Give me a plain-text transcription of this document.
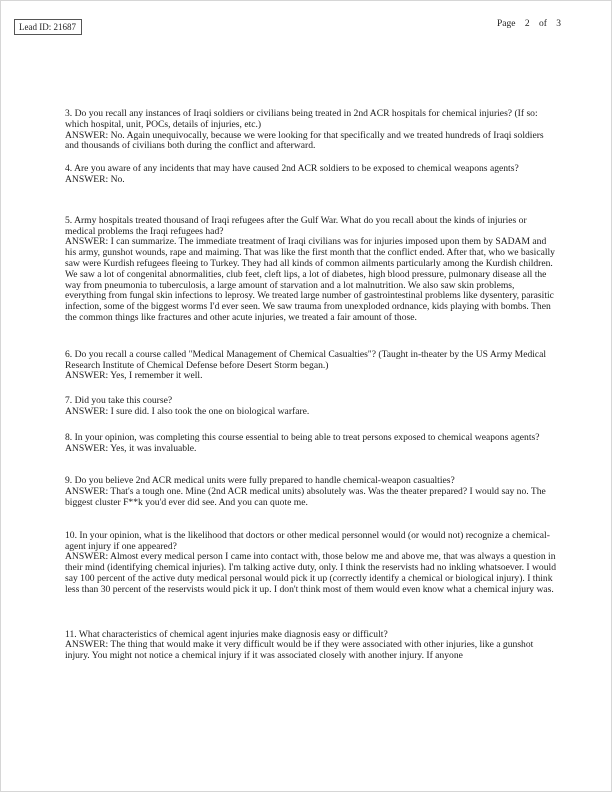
Lead ID: 21687	Page 2 of 3

3. Do you recall any instances of Iraqi soldiers or civilians being treated in 2nd ACR hospitals for chemical injuries? (If so: which hospital, unit, POCs, details of injuries, etc.)

ANSWER: No. Again unequivocally, because we were looking for that specifically and we treated hundreds of Iraqi soldiers and thousands of civilians both during the conflict and afterward.

4. Are you aware of any incidents that may have caused 2nd ACR soldiers to be exposed to chemical weapons agents?

ANSWER: No.

5. Army hospitals treated thousand of Iraqi refugees after the Gulf War. What do you recall about the kinds of injuries or medical problems the Iraqi refugees had?

ANSWER: I can summarize. The immediate treatment of Iraqi civilians was for injuries imposed upon them by SADAM and his army, gunshot wounds, rape and maiming. That was like the first month that the conflict ended. After that, who we basically saw were Kurdish refugees fleeing to Turkey. They had all kinds of common ailments particularly among the Kurdish children. We saw a lot of congenital abnormalities, club feet, cleft lips, a lot of diabetes, high blood pressure, pulmonary disease all the way from pneumonia to tuberculosis, a large amount of starvation and a lot malnutrition. We also saw skin problems, everything from fungal skin infections to leprosy. We treated large number of gastrointestinal problems like dysentery, parasitic infection, some of the biggest worms I'd ever seen. We saw trauma from unexploded ordnance, kids playing with bombs. Then the common things like fractures and other acute injuries, we treated a fair amount of those.

6. Do you recall a course called "Medical Management of Chemical Casualties"? (Taught in-theater by the US Army Medical Research Institute of Chemical Defense before Desert Storm began.)

ANSWER: Yes, I remember it well.

7. Did you take this course?

ANSWER: I sure did. I also took the one on biological warfare.

8. In your opinion, was completing this course essential to being able to treat persons exposed to chemical weapons agents?

ANSWER: Yes, it was invaluable.

9. Do you believe 2nd ACR medical units were fully prepared to handle chemical-weapon casualties?

ANSWER: That's a tough one. Mine (2nd ACR medical units) absolutely was. Was the theater prepared? I would say no. The biggest cluster F**k you'd ever did see. And you can quote me.

10. In your opinion, what is the likelihood that doctors or other medical personnel would (or would not) recognize a chemical-agent injury if one appeared?

ANSWER: Almost every medical person I came into contact with, those below me and above me, that was always a question in their mind (identifying chemical injuries). I'm talking active duty, only. I think the reservists had no inkling whatsoever. I would say 100 percent of the active duty medical personal would pick it up (correctly identify a chemical or biological injury). I think less than 30 percent of the reservists would pick it up. I don't think most of them would even know what a chemical injury was.

11. What characteristics of chemical agent injuries make diagnosis easy or difficult?

ANSWER: The thing that would make it very difficult would be if they were associated with other injuries, like a gunshot injury. You might not notice a chemical injury if it was associated closely with another injury. If anyone
